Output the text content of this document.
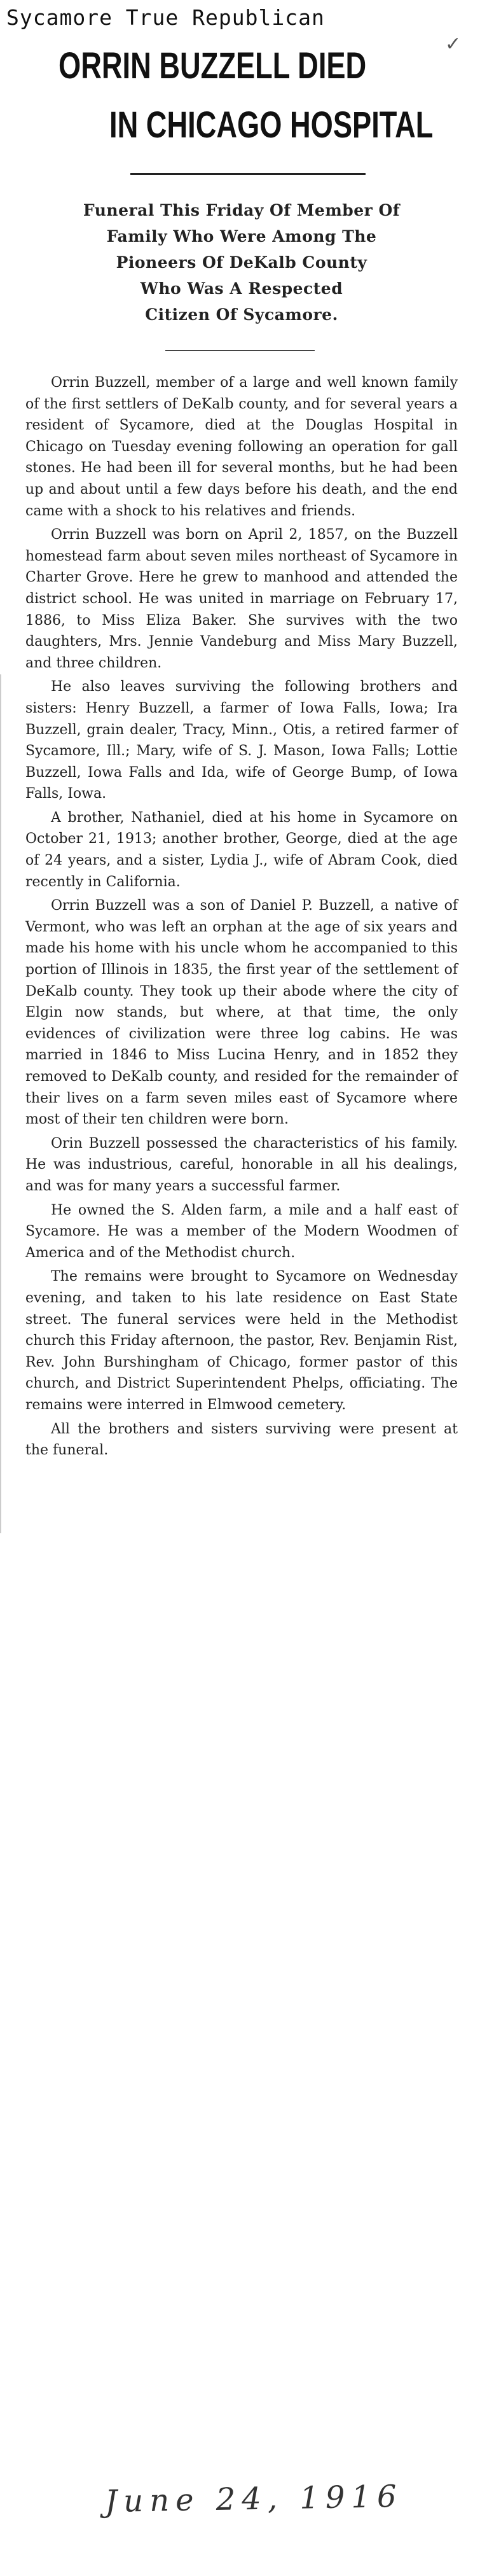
Sycamore True Republican
✓
ORRIN BUZZELL DIED
IN CHICAGO HOSPITAL
Funeral This Friday Of Member Of
Family Who Were Among The
Pioneers Of DeKalb County
Who Was A Respected
Citizen Of Sycamore.

Orrin Buzzell, member of a large and well known family of the first settlers of DeKalb county, and for several years a resident of Sycamore, died at the Douglas Hospital in Chicago on Tuesday evening following an operation for gall stones. He had been ill for several months, but he had been up and about until a few days before his death, and the end came with a shock to his relatives and friends.

Orrin Buzzell was born on April 2, 1857, on the Buzzell homestead farm about seven miles northeast of Sycamore in Charter Grove. Here he grew to manhood and attended the district school. He was united in marriage on February 17, 1886, to Miss Eliza Baker. She survives with the two daughters, Mrs. Jennie Vandeburg and Miss Mary Buzzell, and three children.

He also leaves surviving the following brothers and sisters: Henry Buzzell, a farmer of Iowa Falls, Iowa; Ira Buzzell, grain dealer, Tracy, Minn., Otis, a retired farmer of Sycamore, Ill.; Mary, wife of S. J. Mason, Iowa Falls; Lottie Buzzell, Iowa Falls and Ida, wife of George Bump, of Iowa Falls, Iowa.

A brother, Nathaniel, died at his home in Sycamore on October 21, 1913; another brother, George, died at the age of 24 years, and a sister, Lydia J., wife of Abram Cook, died recently in California.

Orrin Buzzell was a son of Daniel P. Buzzell, a native of Vermont, who was left an orphan at the age of six years and made his home with his uncle whom he accompanied to this portion of Illinois in 1835, the first year of the settlement of DeKalb county. They took up their abode where the city of Elgin now stands, but where, at that time, the only evidences of civilization were three log cabins. He was married in 1846 to Miss Lucina Henry, and in 1852 they removed to DeKalb county, and resided for the remainder of their lives on a farm seven miles east of Sycamore where most of their ten children were born.

Orin Buzzell possessed the characteristics of his family. He was industrious, careful, honorable in all his dealings, and was for many years a successful farmer.

He owned the S. Alden farm, a mile and a half east of Sycamore. He was a member of the Modern Woodmen of America and of the Methodist church.

The remains were brought to Sycamore on Wednesday evening, and taken to his late residence on East State street. The funeral services were held in the Methodist church this Friday afternoon, the pastor, Rev. Benjamin Rist, Rev. John Burshingham of Chicago, former pastor of this church, and District Superintendent Phelps, officiating. The remains were interred in Elmwood cemetery.

All the brothers and sisters surviving were present at the funeral.

June 24, 1916
